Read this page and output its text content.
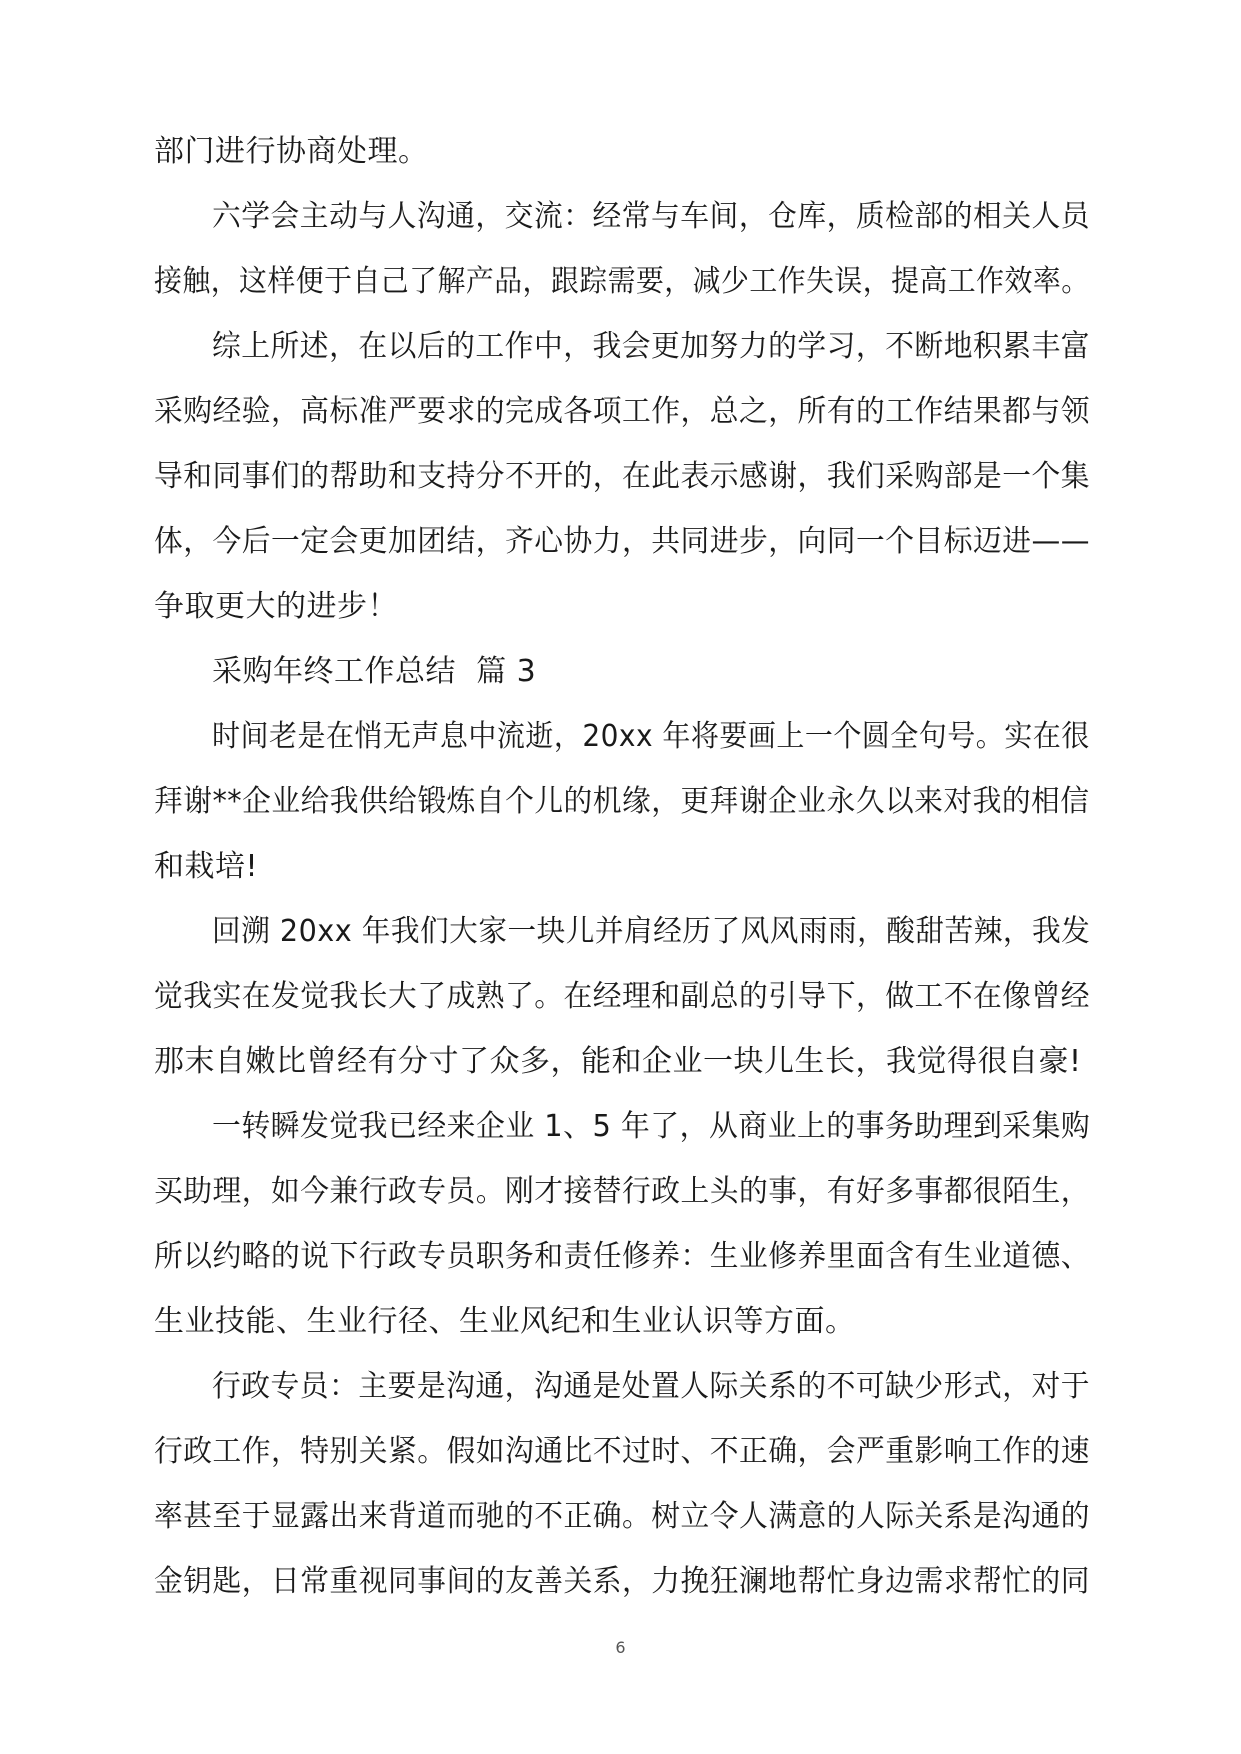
部门进行协商处理。
六学会主动与人沟通，交流：经常与车间，仓库，质检部的相关人员
接触，这样便于自己了解产品，跟踪需要，减少工作失误，提高工作效率。
综上所述，在以后的工作中，我会更加努力的学习，不断地积累丰富
采购经验，高标准严要求的完成各项工作，总之，所有的工作结果都与领
导和同事们的帮助和支持分不开的，在此表示感谢，我们采购部是一个集
体，今后一定会更加团结，齐心协力，共同进步，向同一个目标迈进——
争取更大的进步！
采购年终工作总结  篇 3
时间老是在悄无声息中流逝，20xx 年将要画上一个圆全句号。实在很
拜谢**企业给我供给锻炼自个儿的机缘，更拜谢企业永久以来对我的相信
和栽培!
回溯 20xx 年我们大家一块儿并肩经历了风风雨雨，酸甜苦辣，我发
觉我实在发觉我长大了成熟了。在经理和副总的引导下，做工不在像曾经
那末自嫩比曾经有分寸了众多，能和企业一块儿生长，我觉得很自豪!
一转瞬发觉我已经来企业 1、5 年了，从商业上的事务助理到采集购
买助理，如今兼行政专员。刚才接替行政上头的事，有好多事都很陌生，
所以约略的说下行政专员职务和责任修养：生业修养里面含有生业道德、
生业技能、生业行径、生业风纪和生业认识等方面。
行政专员：主要是沟通，沟通是处置人际关系的不可缺少形式，对于
行政工作，特别关紧。假如沟通比不过时、不正确，会严重影响工作的速
率甚至于显露出来背道而驰的不正确。树立令人满意的人际关系是沟通的
金钥匙，日常重视同事间的友善关系，力挽狂澜地帮忙身边需求帮忙的同
6
